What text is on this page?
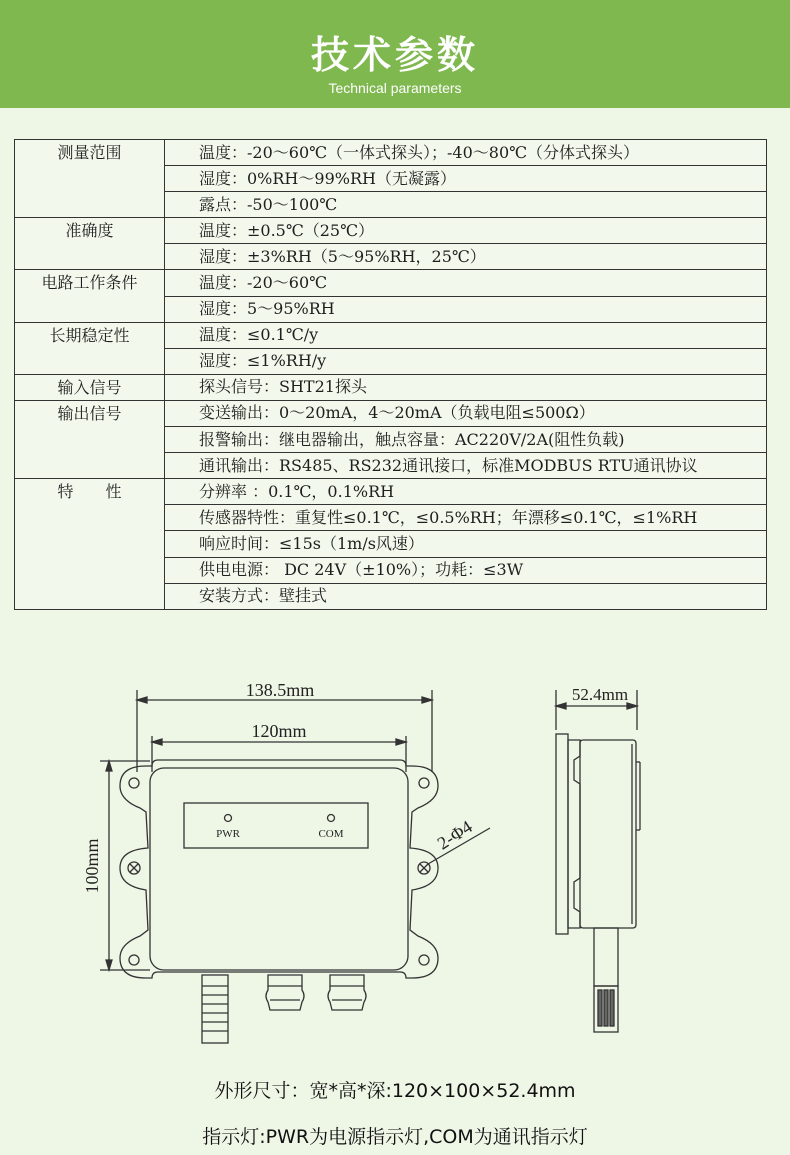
技术参数
Technical parameters
测量范围	温度：-20～60℃（一体式探头）；-40～80℃（分体式探头）
	湿度：0%RH～99%RH（无凝露）
	露点：-50～100℃
准确度	温度：±0.5℃（25℃）
	湿度：±3%RH（5～95%RH，25℃）
电路工作条件	温度：-20～60℃
	湿度：5～95%RH
长期稳定性	温度：≤0.1℃/y
	湿度：≤1%RH/y
输入信号	探头信号：SHT21探头
输出信号	变送输出：0～20mA，4～20mA（负载电阻≤500Ω）
	报警输出：继电器输出，触点容量：AC220V/2A(阻性负载)
	通讯输出：RS485、RS232通讯接口，标准MODBUS RTU通讯协议
特　　性	分辨率 ：0.1℃，0.1%RH
	传感器特性：重复性≤0.1℃，≤0.5%RH；年漂移≤0.1℃，≤1%RH
	响应时间：≤15s（1m/s风速）
	供电电源： DC 24V（±10%）；功耗：≤3W
	安装方式：壁挂式
138.5mm
120mm
100mm
52.4mm
2-Φ4
PWR	COM
外形尺寸：宽*高*深:120×100×52.4mm
指示灯:PWR为电源指示灯,COM为通讯指示灯
